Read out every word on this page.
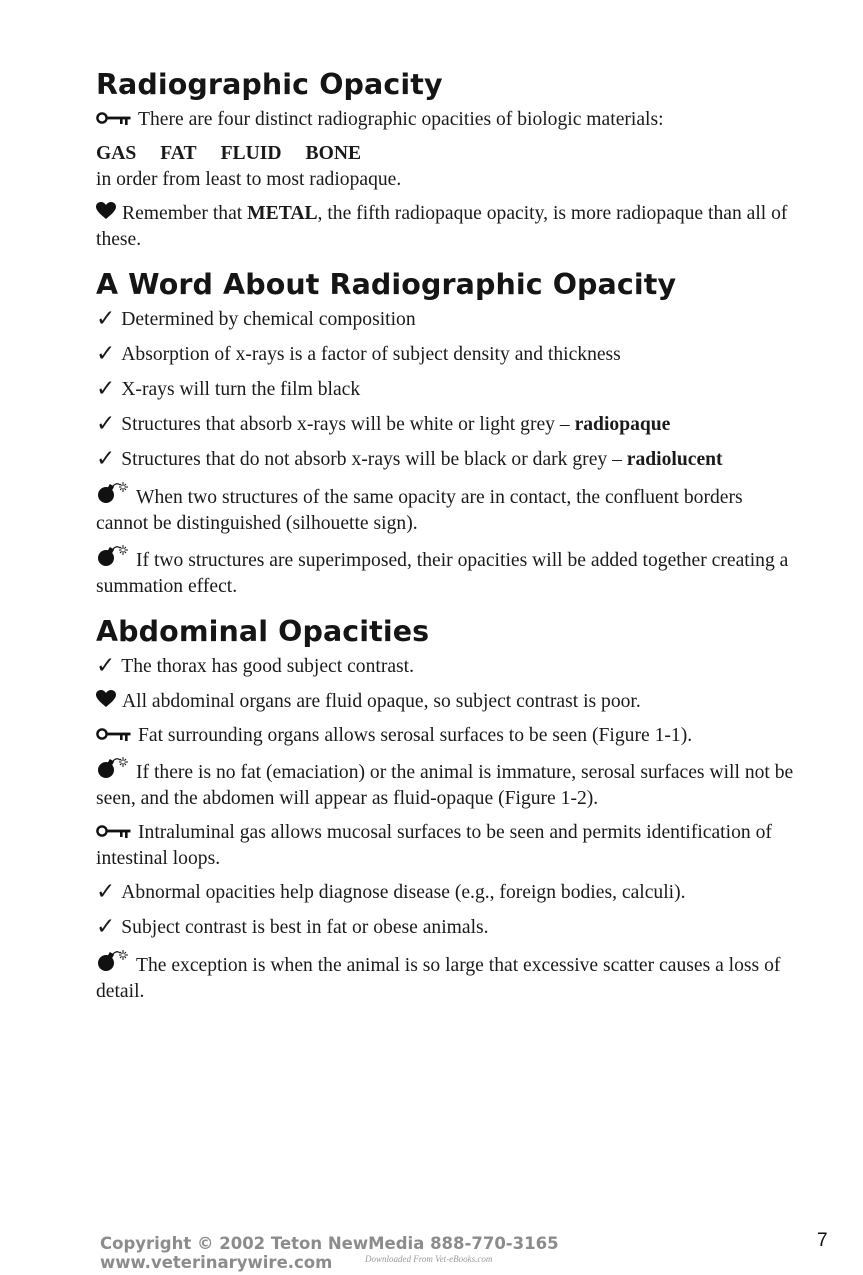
Radiographic Opacity

There are four distinct radiographic opacities of biologic materials:

GAS FAT FLUID BONE

in order from least to most radiopaque.

Remember that METAL, the fifth radiopaque opacity, is more radiopaque than all of these.

A Word About Radiographic Opacity

✓ Determined by chemical composition

✓ Absorption of x-rays is a factor of subject density and thickness

✓ X-rays will turn the film black

✓ Structures that absorb x-rays will be white or light grey – radiopaque

✓ Structures that do not absorb x-rays will be black or dark grey – radiolucent

When two structures of the same opacity are in contact, the confluent borders cannot be distinguished (silhouette sign).

If two structures are superimposed, their opacities will be added together creating a summation effect.

Abdominal Opacities

✓ The thorax has good subject contrast.

All abdominal organs are fluid opaque, so subject contrast is poor.

Fat surrounding organs allows serosal surfaces to be seen (Figure 1-1).

If there is no fat (emaciation) or the animal is immature, serosal surfaces will not be seen, and the abdomen will appear as fluid-opaque (Figure 1-2).

Intraluminal gas allows mucosal surfaces to be seen and permits identification of intestinal loops.

✓ Abnormal opacities help diagnose disease (e.g., foreign bodies, calculi).

✓ Subject contrast is best in fat or obese animals.

The exception is when the animal is so large that excessive scatter causes a loss of detail.

Copyright © 2002 Teton NewMedia 888-770-3165 www.veterinarywire.com	Downloaded From Vet-eBooks.com
7
